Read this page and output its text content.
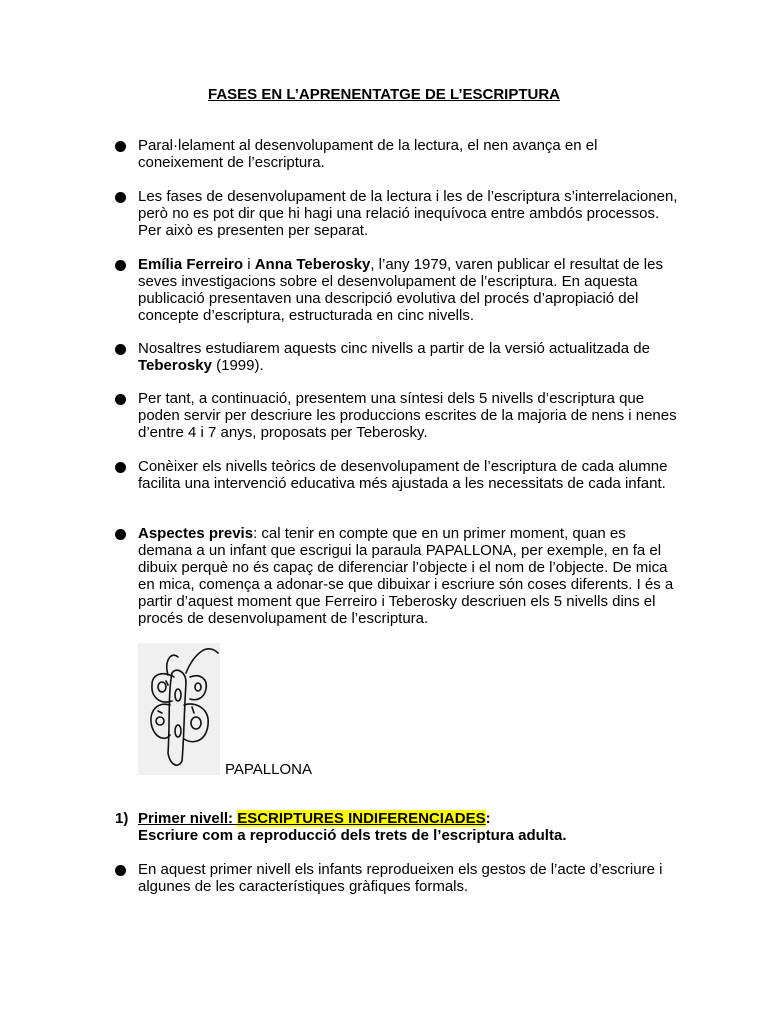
FASES EN L’APRENENTATGE DE L’ESCRIPTURA
Paral·lelament al desenvolupament de la lectura, el nen avança en el coneixement de l’escriptura.
Les fases de desenvolupament de la lectura i les de l’escriptura s’interrelacionen, però no es pot dir que hi hagi una relació inequívoca entre ambdós processos. Per això es presenten per separat.
Emília Ferreiro i Anna Teberosky, l’any 1979, varen publicar el resultat de les seves investigacions sobre el desenvolupament de l’escriptura. En aquesta publicació presentaven una descripció evolutiva del procés d’apropiació del concepte d’escriptura, estructurada en cinc nivells.
Nosaltres estudiarem aquests cinc nivells a partir de la versió actualitzada de Teberosky (1999).
Per tant, a continuació, presentem una síntesi dels 5 nivells d’escriptura que poden servir per descriure les produccions escrites de la majoria de nens i nenes d’entre 4 i 7 anys, proposats per Teberosky.
Conèixer els nivells teòrics de desenvolupament de l’escriptura de cada alumne facilita una intervenció educativa més ajustada a les necessitats de cada infant.
Aspectes previs: cal tenir en compte que en un primer moment, quan es demana a un infant que escrigui la paraula PAPALLONA, per exemple, en fa el dibuix perquè no és capaç de diferenciar l’objecte i el nom de l’objecte. De mica en mica, comença a adonar-se que dibuixar i escriure són coses diferents. I és a partir d’aquest moment que Ferreiro i Teberosky descriuen els 5 nivells dins el procés de desenvolupament de l’escriptura.
PAPALLONA
1) Primer nivell: ESCRIPTURES INDIFERENCIADES:
Escriure com a reproducció dels trets de l’escriptura adulta.
En aquest primer nivell els infants reprodueixen els gestos de l’acte d’escriure i algunes de les característiques gràfiques formals.
